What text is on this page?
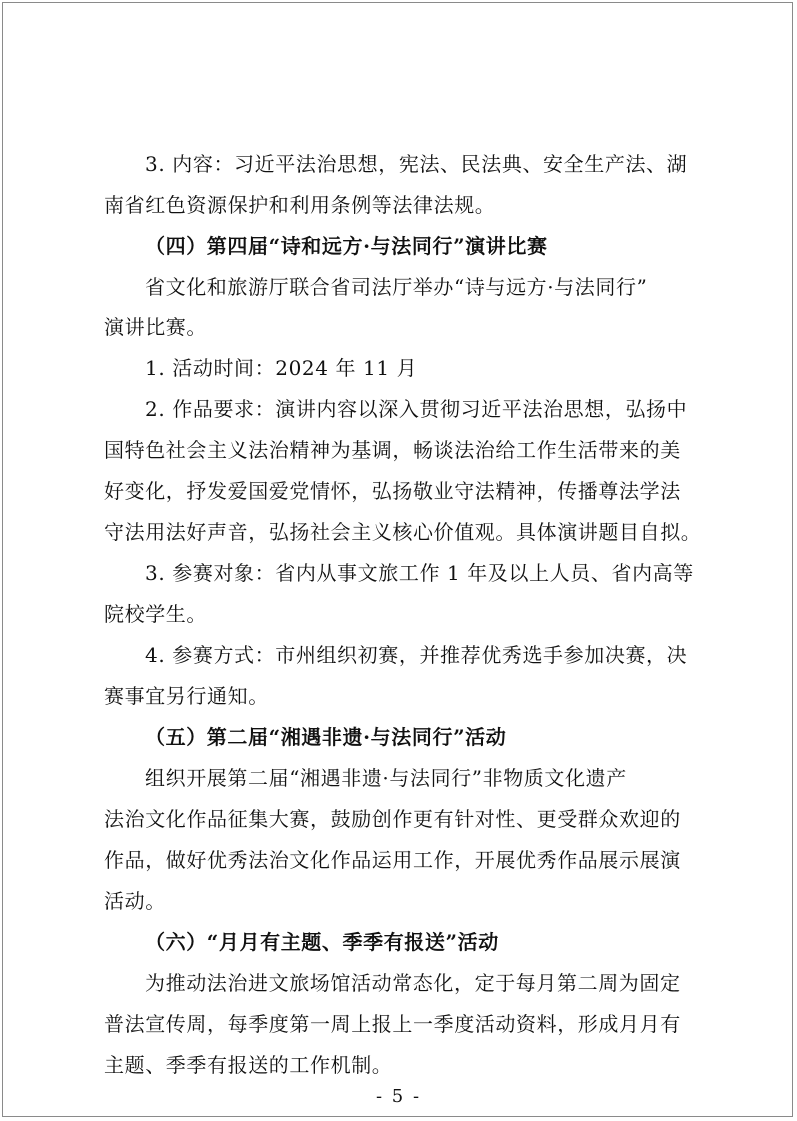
3. 内容：习近平法治思想，宪法、民法典、安全生产法、湖
南省红色资源保护和利用条例等法律法规。
（四）第四届“诗和远方·与法同行”演讲比赛
省文化和旅游厅联合省司法厅举办“诗与远方·与法同行”
演讲比赛。
1. 活动时间：2024 年 11 月
2. 作品要求：演讲内容以深入贯彻习近平法治思想，弘扬中
国特色社会主义法治精神为基调，畅谈法治给工作生活带来的美
好变化，抒发爱国爱党情怀，弘扬敬业守法精神，传播尊法学法
守法用法好声音，弘扬社会主义核心价值观。具体演讲题目自拟。
3. 参赛对象：省内从事文旅工作 1 年及以上人员、省内高等
院校学生。
4. 参赛方式：市州组织初赛，并推荐优秀选手参加决赛，决
赛事宜另行通知。
（五）第二届“湘遇非遗·与法同行”活动
组织开展第二届“湘遇非遗·与法同行”非物质文化遗产
法治文化作品征集大赛，鼓励创作更有针对性、更受群众欢迎的
作品，做好优秀法治文化作品运用工作，开展优秀作品展示展演
活动。
（六）“月月有主题、季季有报送”活动
为推动法治进文旅场馆活动常态化，定于每月第二周为固定
普法宣传周，每季度第一周上报上一季度活动资料，形成月月有
主题、季季有报送的工作机制。
- 5 -
